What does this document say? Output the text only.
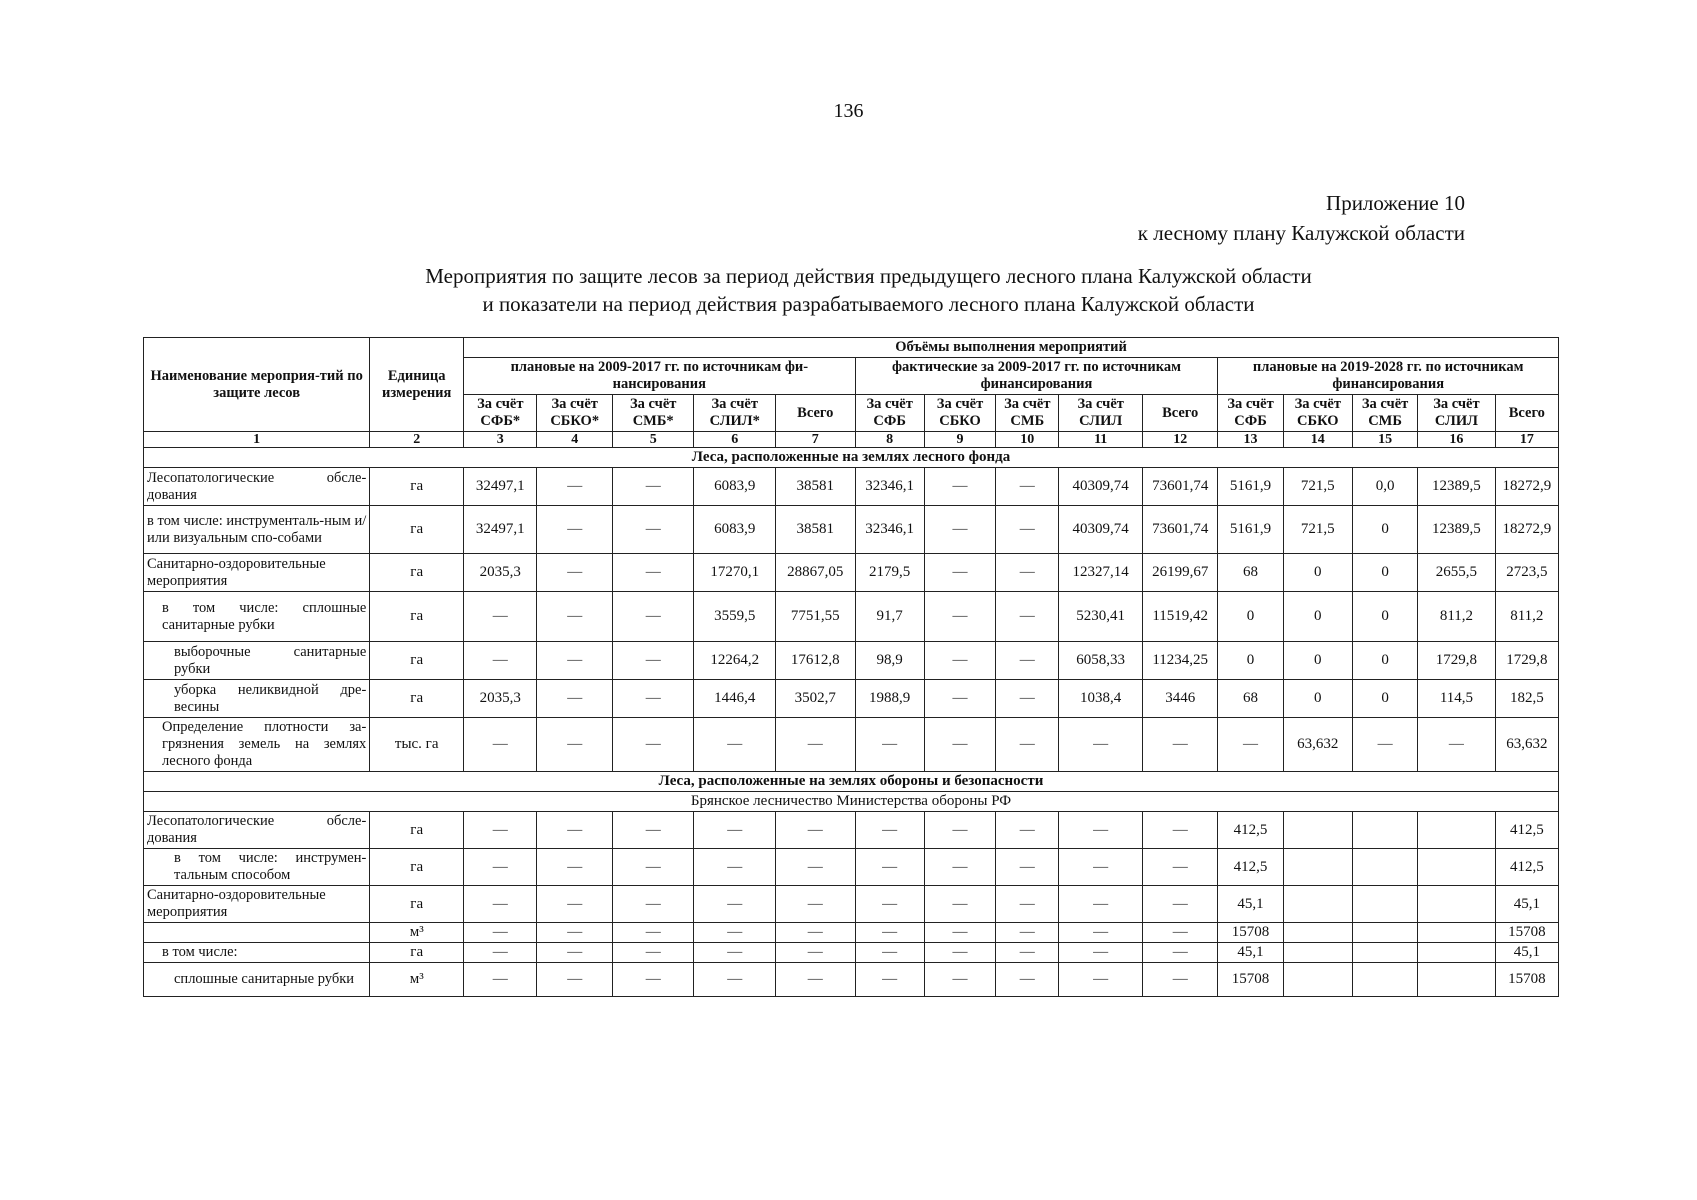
136
Приложение 10
к лесному плану Калужской области
Мероприятия по защите лесов за период действия предыдущего лесного плана Калужской области
и показатели на период действия разрабатываемого лесного плана Калужской области
Наименование мероприя-тий по защите лесов	Единица измерения	Объёмы выполнения мероприятий														
		плановые на 2009-2017 гг. по источникам фи-нансирования					фактические за 2009-2017 гг. по источникам финансирования					плановые на 2019-2028 гг. по источникам финансирования				
		За счёт СФБ*	За счёт СБКО*	За счёт СМБ*	За счёт СЛИЛ*	Всего	За счёт СФБ	За счёт СБКО	За счёт СМБ	За счёт СЛИЛ	Всего	За счёт СФБ	За счёт СБКО	За счёт СМБ	За счёт СЛИЛ	Всего
1	2	3	4	5	6	7	8	9	10	11	12	13	14	15	16	17
Леса, расположенные на землях лесного фонда																
Лесопатологические обсле-дования	га	32497,1	—	—	6083,9	38581	32346,1	—	—	40309,74	73601,74	5161,9	721,5	0,0	12389,5	18272,9
в том числе: инструменталь-ным и/или визуальным спо-собами	га	32497,1	—	—	6083,9	38581	32346,1	—	—	40309,74	73601,74	5161,9	721,5	0	12389,5	18272,9
Санитарно-оздоровительные мероприятия	га	2035,3	—	—	17270,1	28867,05	2179,5	—	—	12327,14	26199,67	68	0	0	2655,5	2723,5
в том числе: сплошные санитарные рубки	га	—	—	—	3559,5	7751,55	91,7	—	—	5230,41	11519,42	0	0	0	811,2	811,2
выборочные санитарные рубки	га	—	—	—	12264,2	17612,8	98,9	—	—	6058,33	11234,25	0	0	0	1729,8	1729,8
уборка неликвидной дре-весины	га	2035,3	—	—	1446,4	3502,7	1988,9	—	—	1038,4	3446	68	0	0	114,5	182,5
Определение плотности за-грязнения земель на землях лесного фонда	тыс. га	—	—	—	—	—	—	—	—	—	—	—	63,632	—	—	63,632
Леса, расположенные на землях обороны и безопасности																
Брянское лесничество Министерства обороны РФ																
Лесопатологические обсле-дования	га	—	—	—	—	—	—	—	—	—	—	412,5				412,5
в том числе: инструмен-тальным способом	га	—	—	—	—	—	—	—	—	—	—	412,5				412,5
Санитарно-оздоровительные мероприятия	га	—	—	—	—	—	—	—	—	—	—	45,1				45,1
	м³	—	—	—	—	—	—	—	—	—	—	15708				15708
в том числе:	га	—	—	—	—	—	—	—	—	—	—	45,1				45,1
сплошные санитарные рубки	м³	—	—	—	—	—	—	—	—	—	—	15708				15708
